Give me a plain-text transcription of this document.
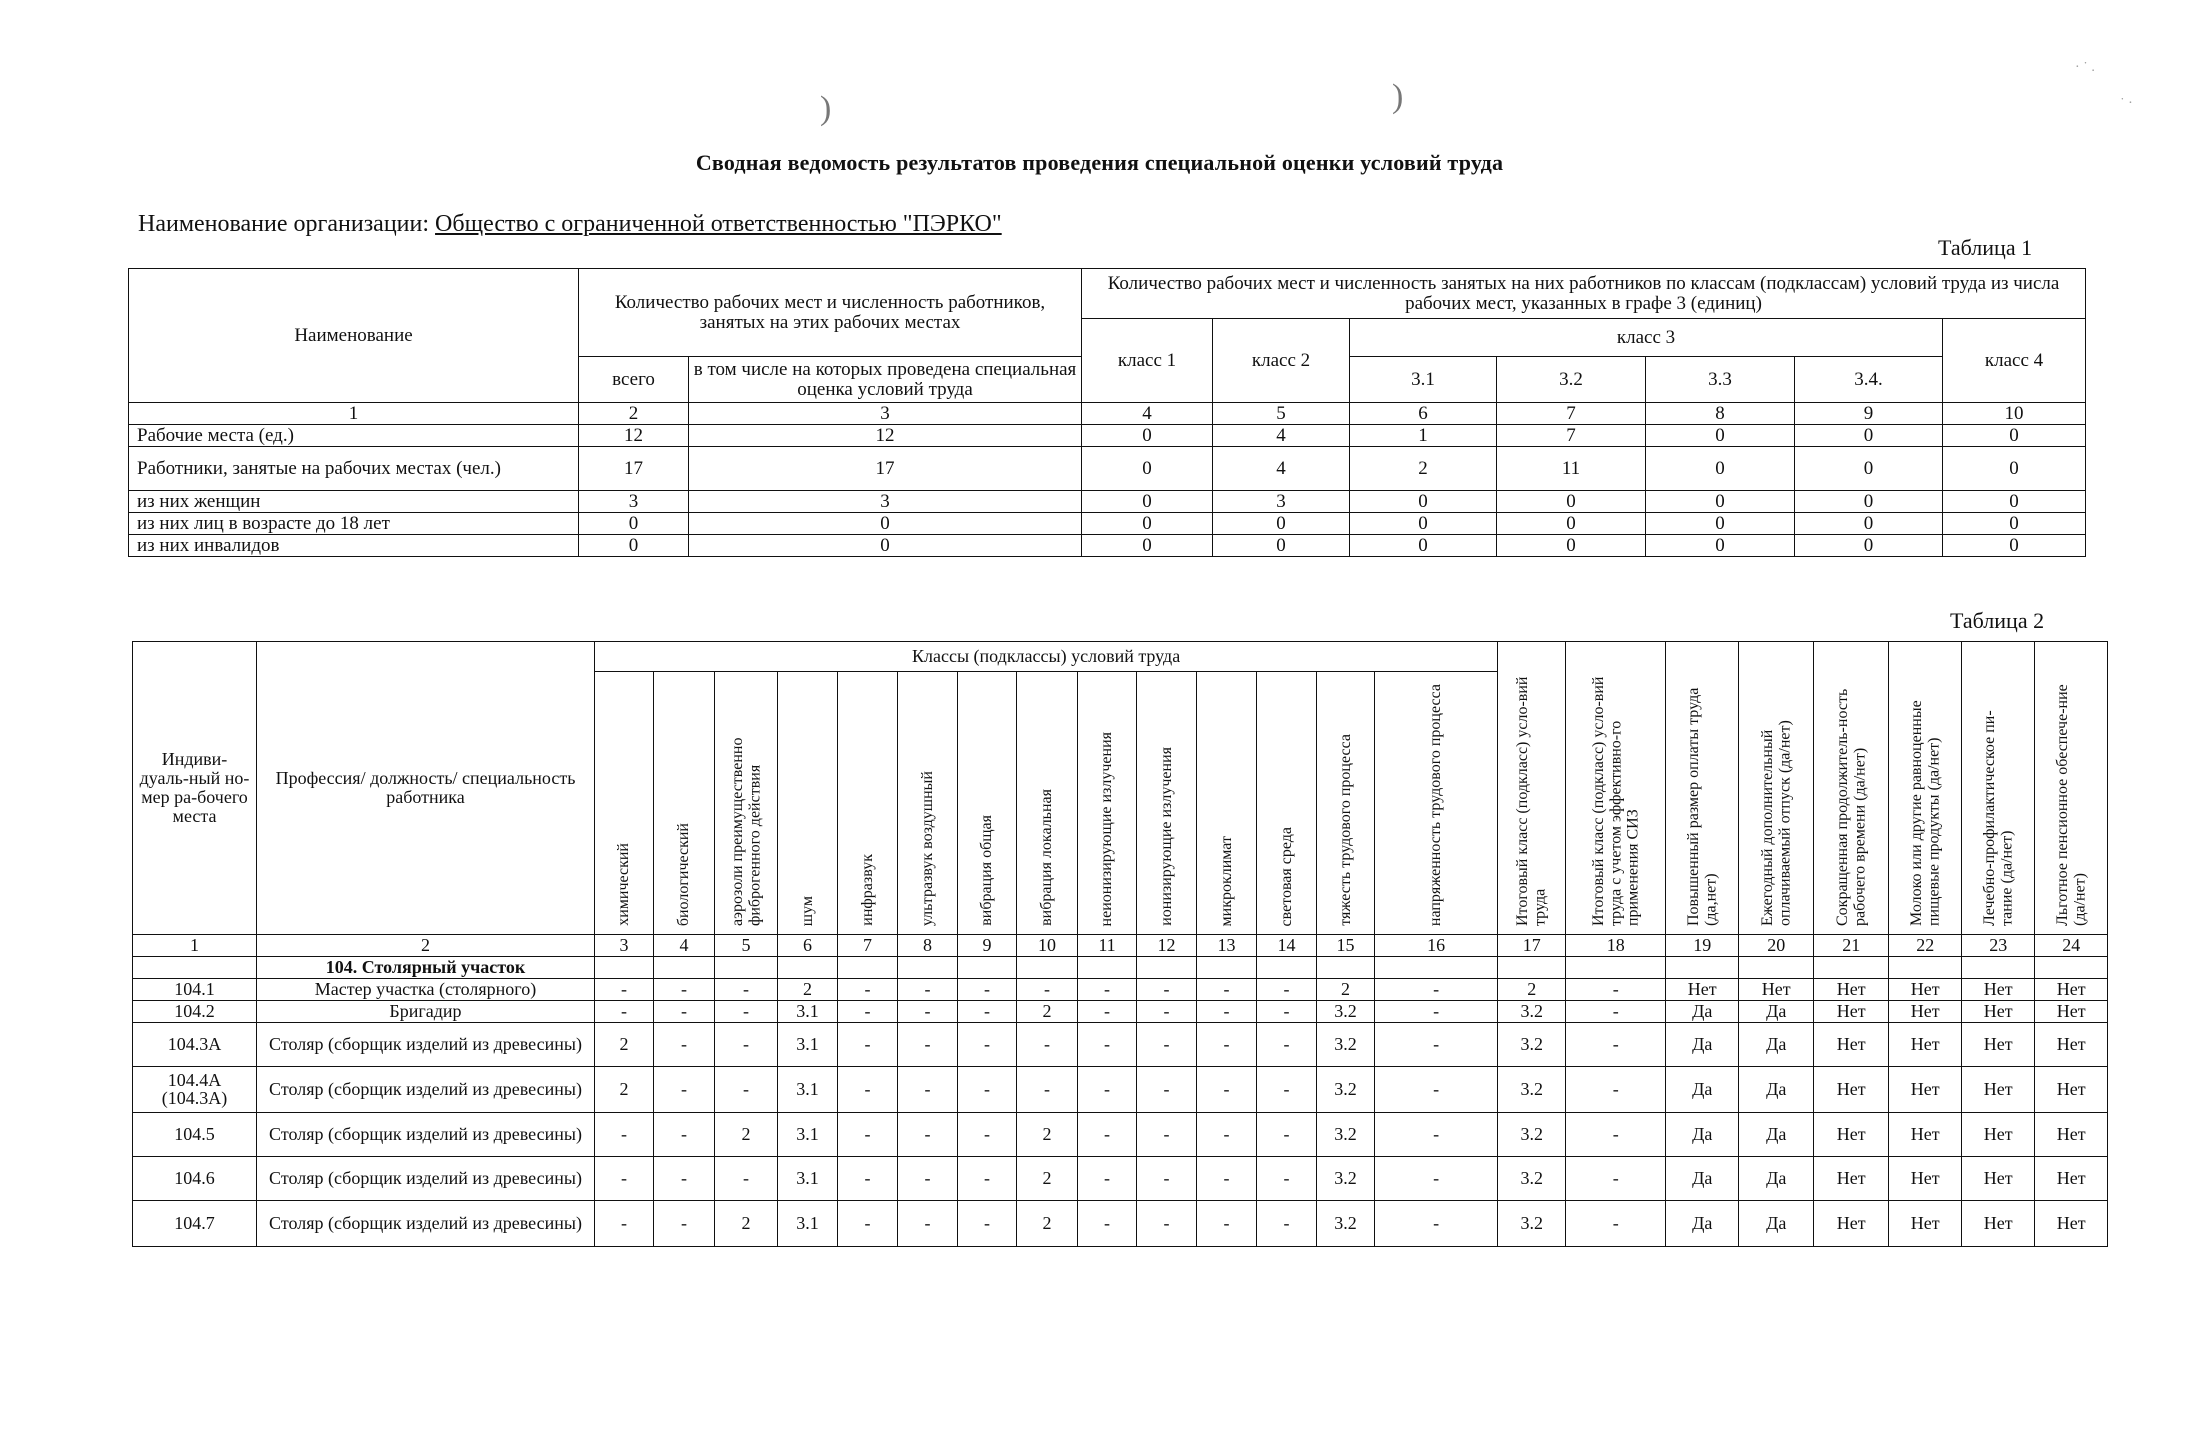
)	)
· ˙ .
˙ ·
Сводная ведомость результатов проведения специальной оценки условий труда
Наименование организации: Общество с ограниченной ответственностью "ПЭРКО"
Таблица 1
Наименование	Количество рабочих мест и численность работников, занятых на этих рабочих местах		Количество рабочих мест и численность занятых на них работников по классам (подклассам) условий труда из числа рабочих мест, указанных в графе 3 (единиц)						
			класс 1	класс 2	класс 3				класс 4
	всего	в том числе на которых проведена специальная оценка условий труда			3.1	3.2	3.3	3.4.	
1	2	3	4	5	6	7	8	9	10
Рабочие места (ед.)	12	12	0	4	1	7	0	0	0
Работники, занятые на рабочих местах (чел.)	17	17	0	4	2	11	0	0	0
из них женщин	3	3	0	3	0	0	0	0	0
из них лиц в возрасте до 18 лет	0	0	0	0	0	0	0	0	0
из них инвалидов	0	0	0	0	0	0	0	0	0
Таблица 2
Индиви-дуаль-ный но-мер ра-бочего места	Профессия/ должность/ специальность работника	Классы (подклассы) условий труда														Итоговый класс (подкласс) усло-вий труда	Итоговый класс (подкласс) усло-вий труда с учетом эффективно-го применения СИЗ	Повышенный размер оплаты труда (да,нет)	Ежегодный дополнительный оплачиваемый отпуск (да/нет)	Сокращенная продолжитель-ность рабочего времени (да/нет)	Молоко или другие равноценные пищевые продукты (да/нет)	Лечебно-профилактическое пи-тание (да/нет)	Льготное пенсионное обеспече-ние (да/нет)
		химический	биологический	аэрозоли преимущественно фиброгенного действия	шум	инфразвук	ультразвук воздушный	вибрация общая	вибрация локальная	неионизирующие излучения	ионизирующие излучения	микроклимат	световая среда	тяжесть трудового процесса	напряженность трудового процесса								
1	2	3	4	5	6	7	8	9	10	11	12	13	14	15	16	17	18	19	20	21	22	23	24
	104. Столярный участок																						
104.1	Мастер участка (столярного)	-	-	-	2	-	-	-	-	-	-	-	-	2	-	2	-	Нет	Нет	Нет	Нет	Нет	Нет
104.2	Бригадир	-	-	-	3.1	-	-	-	2	-	-	-	-	3.2	-	3.2	-	Да	Да	Нет	Нет	Нет	Нет
104.3А	Столяр (сборщик изделий из древесины)	2	-	-	3.1	-	-	-	-	-	-	-	-	3.2	-	3.2	-	Да	Да	Нет	Нет	Нет	Нет
104.4А (104.3А)	Столяр (сборщик изделий из древесины)	2	-	-	3.1	-	-	-	-	-	-	-	-	3.2	-	3.2	-	Да	Да	Нет	Нет	Нет	Нет
104.5	Столяр (сборщик изделий из древесины)	-	-	2	3.1	-	-	-	2	-	-	-	-	3.2	-	3.2	-	Да	Да	Нет	Нет	Нет	Нет
104.6	Столяр (сборщик изделий из древесины)	-	-	-	3.1	-	-	-	2	-	-	-	-	3.2	-	3.2	-	Да	Да	Нет	Нет	Нет	Нет
104.7	Столяр (сборщик изделий из древесины)	-	-	2	3.1	-	-	-	2	-	-	-	-	3.2	-	3.2	-	Да	Да	Нет	Нет	Нет	Нет
